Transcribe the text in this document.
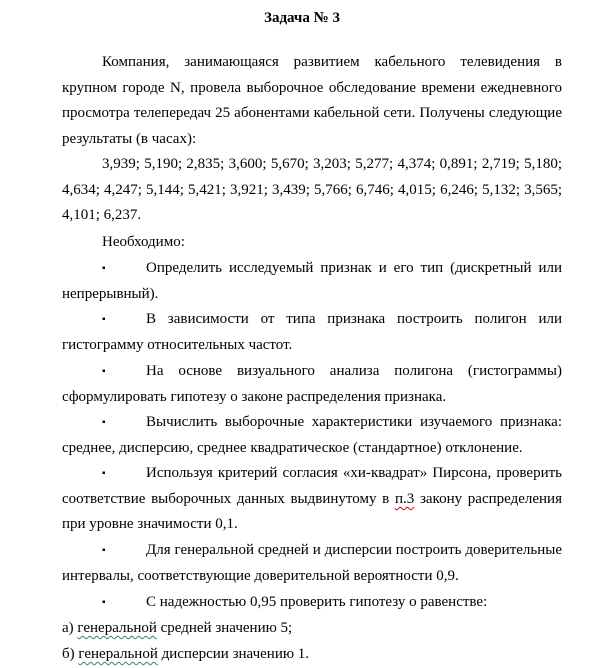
Задача № 3
Компания, занимающаяся развитием кабельного телевидения в
крупном городе N, провела выборочное обследование времени ежедневного
просмотра телепередач 25 абонентами кабельной сети. Получены следующие
результаты (в часах):
3,939; 5,190; 2,835; 3,600; 5,670; 3,203; 5,277; 4,374; 0,891; 2,719; 5,180;
4,634; 4,247; 5,144; 5,421; 3,921; 3,439; 5,766; 6,746; 4,015; 6,246; 5,132; 3,565;
4,101; 6,237.
Необходимо:
▪	Определить исследуемый признак и его тип (дискретный или
непрерывный).
▪	В зависимости от типа признака построить полигон или
гистограмму относительных частот.
▪	На основе визуального анализа полигона (гистограммы)
сформулировать гипотезу о законе распределения признака.
▪	Вычислить выборочные характеристики изучаемого признака:
среднее, дисперсию, среднее квадратическое (стандартное) отклонение.
▪	Используя критерий согласия «хи-квадрат» Пирсона, проверить
соответствие выборочных данных выдвинутому в п.3 закону распределения
при уровне значимости 0,1.
▪	Для генеральной средней и дисперсии построить доверительные
интервалы, соответствующие доверительной вероятности 0,9.
▪	С надежностью 0,95 проверить гипотезу о равенстве:
а) генеральной средней значению 5;
б) генеральной дисперсии значению 1.
